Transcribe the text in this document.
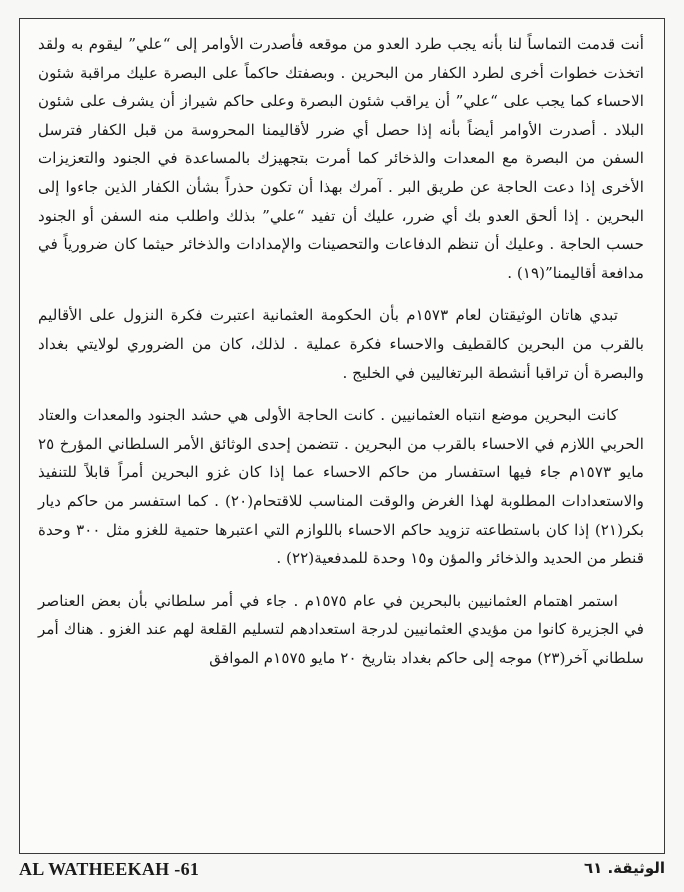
أنت قدمت التماساً لنا بأنه يجب طرد العدو من موقعه فأصدرت الأوامر إلى “علي” ليقوم به ولقد اتخذت خطوات أخرى لطرد الكفار من البحرين . وبصفتك حاكماً على البصرة عليك مراقبة شئون الاحساء كما يجب على “علي” أن يراقب شئون البصرة وعلى حاكم شيراز أن يشرف على شئون البلاد . أصدرت الأوامر أيضاً بأنه إذا حصل أي ضرر لأقاليمنا المحروسة من قبل الكفار فترسل السفن من البصرة مع المعدات والذخائر كما أمرت بتجهيزك بالمساعدة في الجنود والتعزيزات الأخرى إذا دعت الحاجة عن طريق البر . آمرك بهذا أن تكون حذراً بشأن الكفار الذين جاءوا إلى البحرين . إذا ألحق العدو بك أي ضرر، عليك أن تفيد “علي” بذلك واطلب منه السفن أو الجنود حسب الحاجة . وعليك أن تنظم الدفاعات والتحصينات والإمدادات والذخائر حيثما كان ضرورياً في مدافعة أقاليمنا”(١٩) .

تبدي هاتان الوثيقتان لعام ١٥٧٣م بأن الحكومة العثمانية اعتبرت فكرة النزول على الأقاليم بالقرب من البحرين كالقطيف والاحساء فكرة عملية . لذلك، كان من الضروري لولايتي بغداد والبصرة أن تراقبا أنشطة البرتغاليين في الخليج .

كانت البحرين موضع انتباه العثمانيين . كانت الحاجة الأولى هي حشد الجنود والمعدات والعتاد الحربي اللازم في الاحساء بالقرب من البحرين . تتضمن إحدى الوثائق الأمر السلطاني المؤرخ ٢٥ مايو ١٥٧٣م جاء فيها استفسار من حاكم الاحساء عما إذا كان غزو البحرين أمراً قابلاً للتنفيذ والاستعدادات المطلوبة لهذا الغرض والوقت المناسب للاقتحام(٢٠) . كما استفسر من حاكم ديار بكر(٢١) إذا كان باستطاعته تزويد حاكم الاحساء باللوازم التي اعتبرها حتمية للغزو مثل ٣٠٠ وحدة قنطر من الحديد والذخائر والمؤن و١٥ وحدة للمدفعية(٢٢) .

استمر اهتمام العثمانيين بالبحرين في عام ١٥٧٥م . جاء في أمر سلطاني بأن بعض العناصر في الجزيرة كانوا من مؤيدي العثمانيين لدرجة استعدادهم لتسليم القلعة لهم عند الغزو . هناك أمر سلطاني آخر(٢٣) موجه إلى حاكم بغداد بتاريخ ٢٠ مايو ١٥٧٥م الموافق

AL WATHEEKAH -61	الوثيقة. ٦١
